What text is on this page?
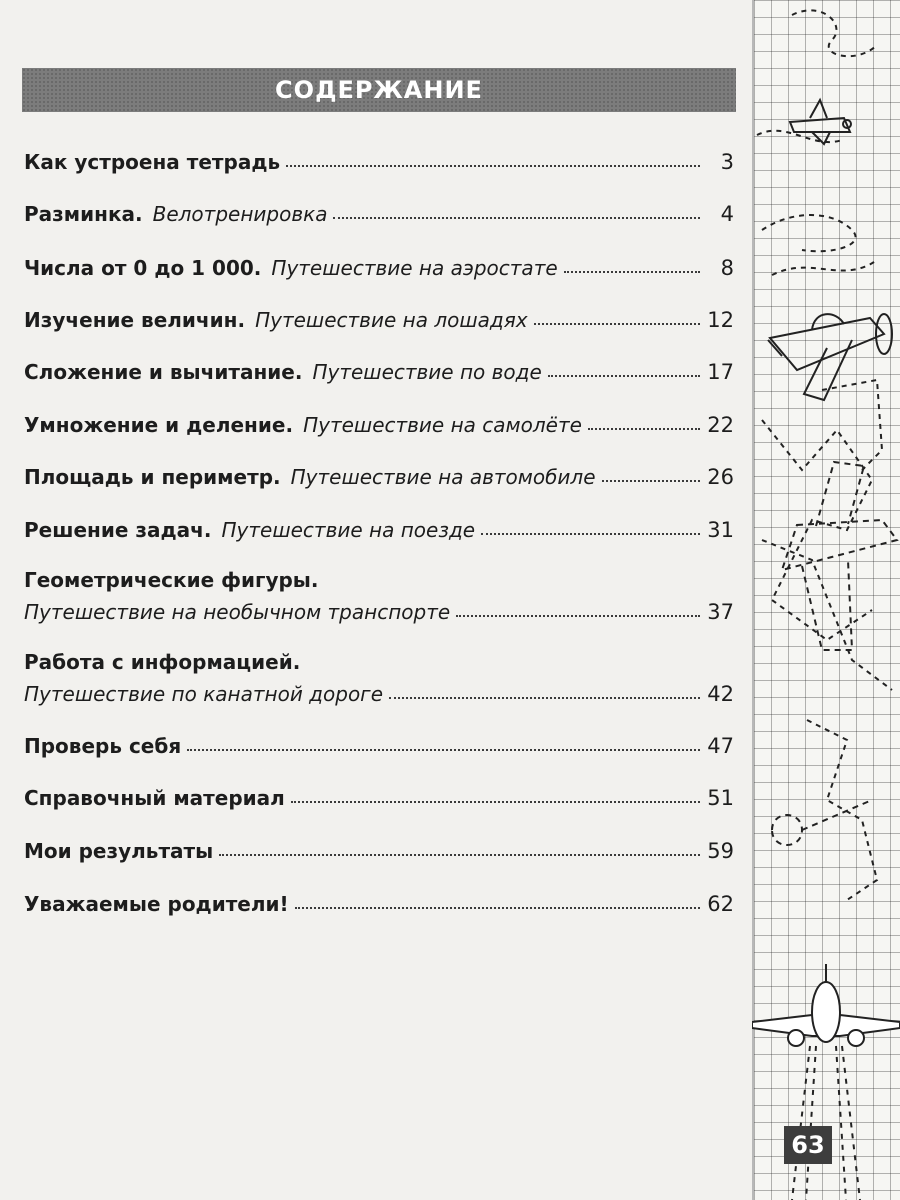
СОДЕРЖАНИЕ
Как устроена тетрадь	3
Разминка. Велотренировка	4
Числа от 0 до 1 000. Путешествие на аэростате	8
Изучение величин. Путешествие на лошадях	12
Сложение и вычитание. Путешествие по воде	17
Умножение и деление. Путешествие на самолёте	22
Площадь и периметр. Путешествие на автомобиле	26
Решение задач. Путешествие на поезде	31
Геометрические фигуры.
Путешествие на необычном транспорте	37
Работа с информацией.
Путешествие по канатной дороге	42
Проверь себя	47
Справочный материал	51
Мои результаты	59
Уважаемые родители!	62
63
